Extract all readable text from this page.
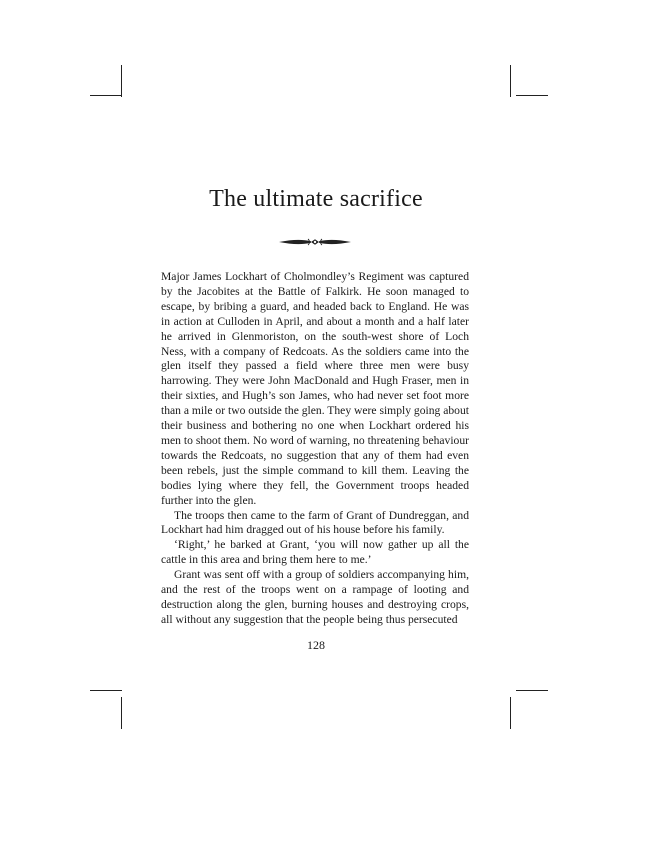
The ultimate sacrifice

Major James Lockhart of Cholmondley’s Regiment was captured by the Jacobites at the Battle of Falkirk. He soon managed to escape, by bribing a guard, and headed back to England. He was in action at Culloden in April, and about a month and a half later he arrived in Glenmoriston, on the south-west shore of Loch Ness, with a company of Redcoats. As the soldiers came into the glen itself they passed a field where three men were busy harrowing. They were John MacDonald and Hugh Fraser, men in their sixties, and Hugh’s son James, who had never set foot more than a mile or two outside the glen. They were simply going about their business and bothering no one when Lockhart ordered his men to shoot them. No word of warning, no threatening behaviour towards the Redcoats, no suggestion that any of them had even been rebels, just the simple command to kill them. Leaving the bodies lying where they fell, the Government troops headed further into the glen.

The troops then came to the farm of Grant of Dundreggan, and Lockhart had him dragged out of his house before his family.

‘Right,’ he barked at Grant, ‘you will now gather up all the cattle in this area and bring them here to me.’

Grant was sent off with a group of soldiers accompanying him, and the rest of the troops went on a rampage of looting and destruction along the glen, burning houses and destroying crops, all without any suggestion that the people being thus persecuted

128
